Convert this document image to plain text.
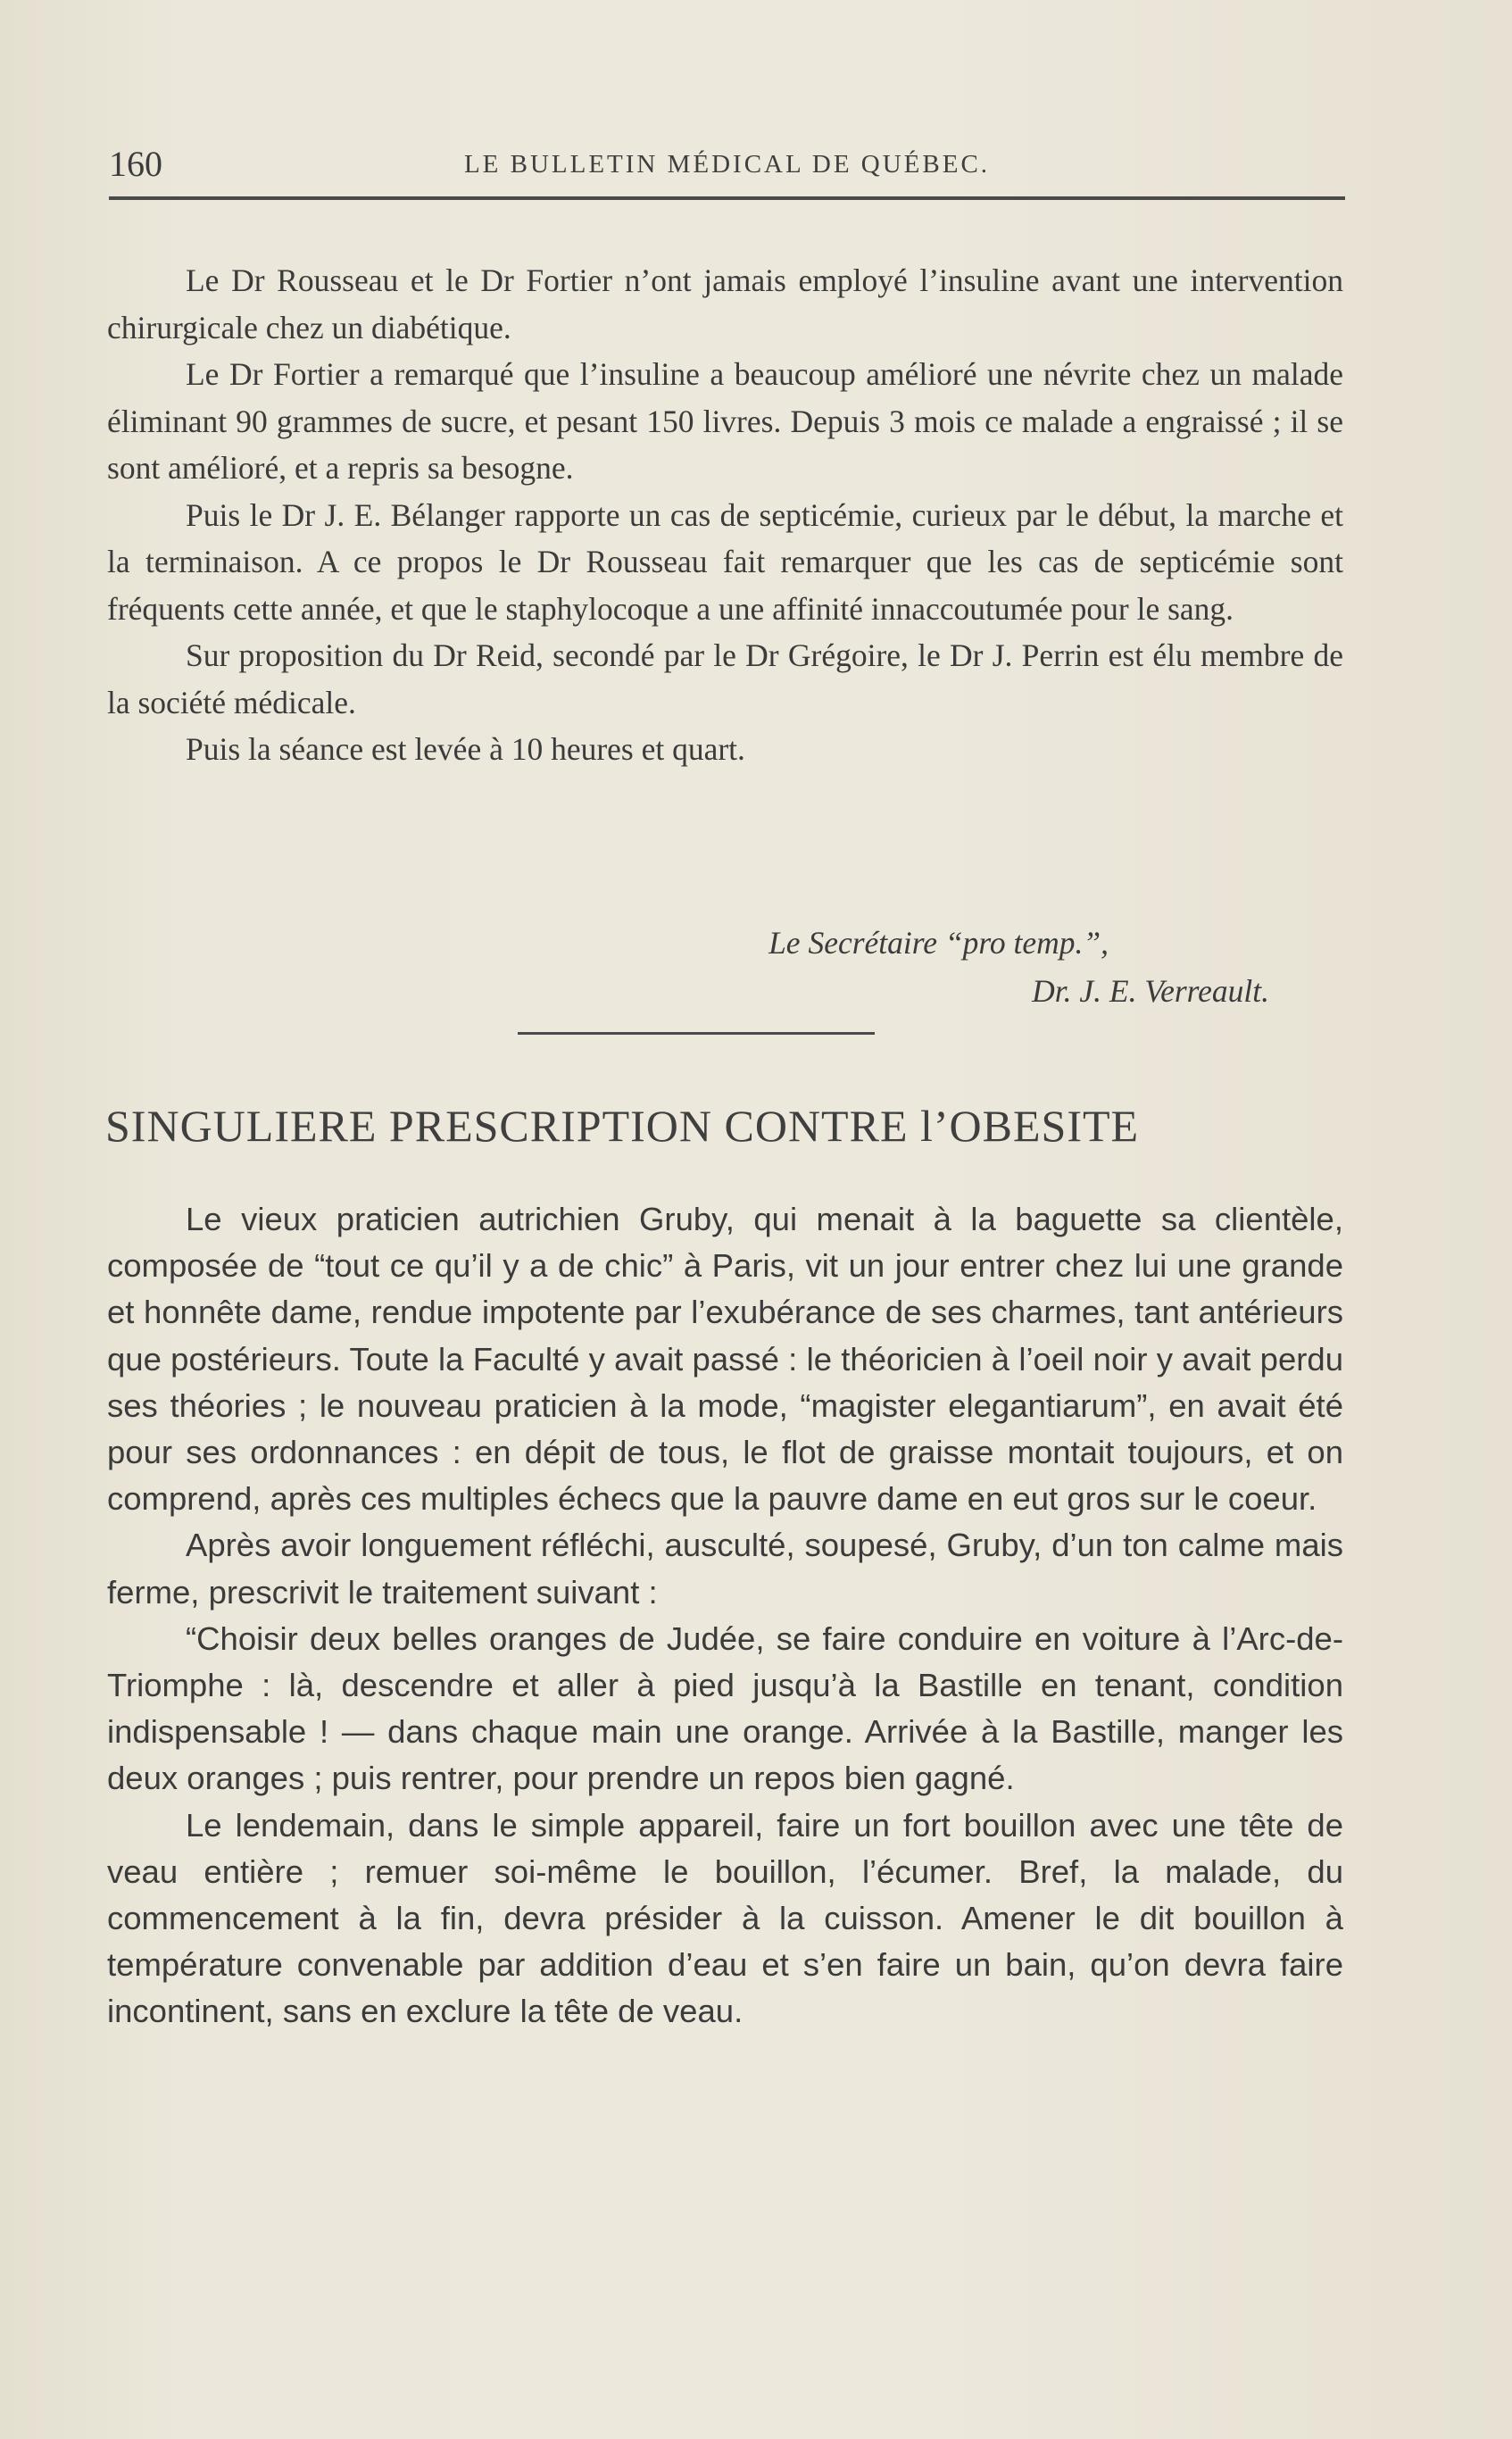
160	LE BULLETIN MÉDICAL DE QUÉBEC.

Le Dr Rousseau et le Dr Fortier n’ont jamais employé l’insuline avant une intervention chirurgicale chez un diabétique.

Le Dr Fortier a remarqué que l’insuline a beaucoup amélioré une névrite chez un malade éliminant 90 grammes de sucre, et pesant 150 livres. Depuis 3 mois ce malade a engraissé ; il se sont amélioré, et a repris sa besogne.

Puis le Dr J. E. Bélanger rapporte un cas de septicémie, curieux par le début, la marche et la terminaison. A ce propos le Dr Rousseau fait remarquer que les cas de septicémie sont fréquents cette année, et que le staphylocoque a une affinité innaccoutumée pour le sang.

Sur proposition du Dr Reid, secondé par le Dr Grégoire, le Dr J. Perrin est élu membre de la société médicale.

Puis la séance est levée à 10 heures et quart.

Le Secrétaire “pro temp.”,
Dr. J. E. Verreault.
SINGULIERE PRESCRIPTION CONTRE l’OBESITE

Le vieux praticien autrichien Gruby, qui menait à la baguette sa clientèle, composée de “tout ce qu’il y a de chic” à Paris, vit un jour entrer chez lui une grande et honnête dame, rendue impotente par l’exubérance de ses charmes, tant antérieurs que postérieurs. Toute la Faculté y avait passé : le théoricien à l’oeil noir y avait perdu ses théories ; le nouveau praticien à la mode, “magister elegantiarum”, en avait été pour ses ordonnances : en dépit de tous, le flot de graisse montait toujours, et on comprend, après ces multiples échecs que la pauvre dame en eut gros sur le coeur.

Après avoir longuement réfléchi, ausculté, soupesé, Gruby, d’un ton calme mais ferme, prescrivit le traitement suivant :

“Choisir deux belles oranges de Judée, se faire conduire en voiture à l’Arc-de-Triomphe : là, descendre et aller à pied jusqu’à la Bastille en tenant, condition indispensable ! — dans chaque main une orange. Arrivée à la Bastille, manger les deux oranges ; puis rentrer, pour prendre un repos bien gagné.

Le lendemain, dans le simple appareil, faire un fort bouillon avec une tête de veau entière ; remuer soi-même le bouillon, l’écumer. Bref, la malade, du commencement à la fin, devra présider à la cuisson. Amener le dit bouillon à température convenable par addition d’eau et s’en faire un bain, qu’on devra faire incontinent, sans en exclure la tête de veau.
